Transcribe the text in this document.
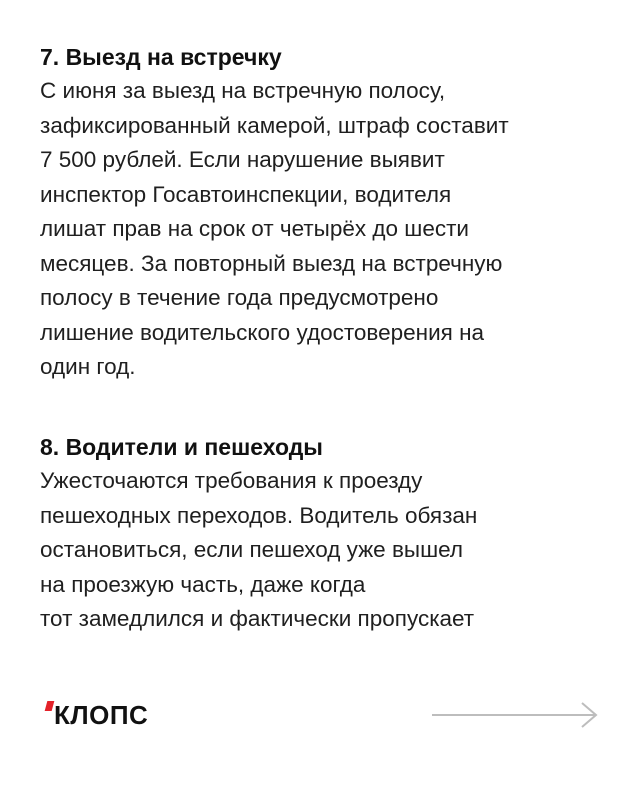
7. Выезд на встречку
С июня за выезд на встречную полосу,
зафиксированный камерой, штраф составит
7 500 рублей. Если нарушение выявит
инспектор Госавтоинспекции, водителя
лишат прав на срок от четырёх до шести
месяцев. За повторный выезд на встречную
полосу в течение года предусмотрено
лишение водительского удостоверения на
один год.
8. Водители и пешеходы
Ужесточаются требования к проезду
пешеходных переходов. Водитель обязан
остановиться, если пешеход уже вышел
на проезжую часть, даже когда
тот замедлился и фактически пропускает
КЛОПС
